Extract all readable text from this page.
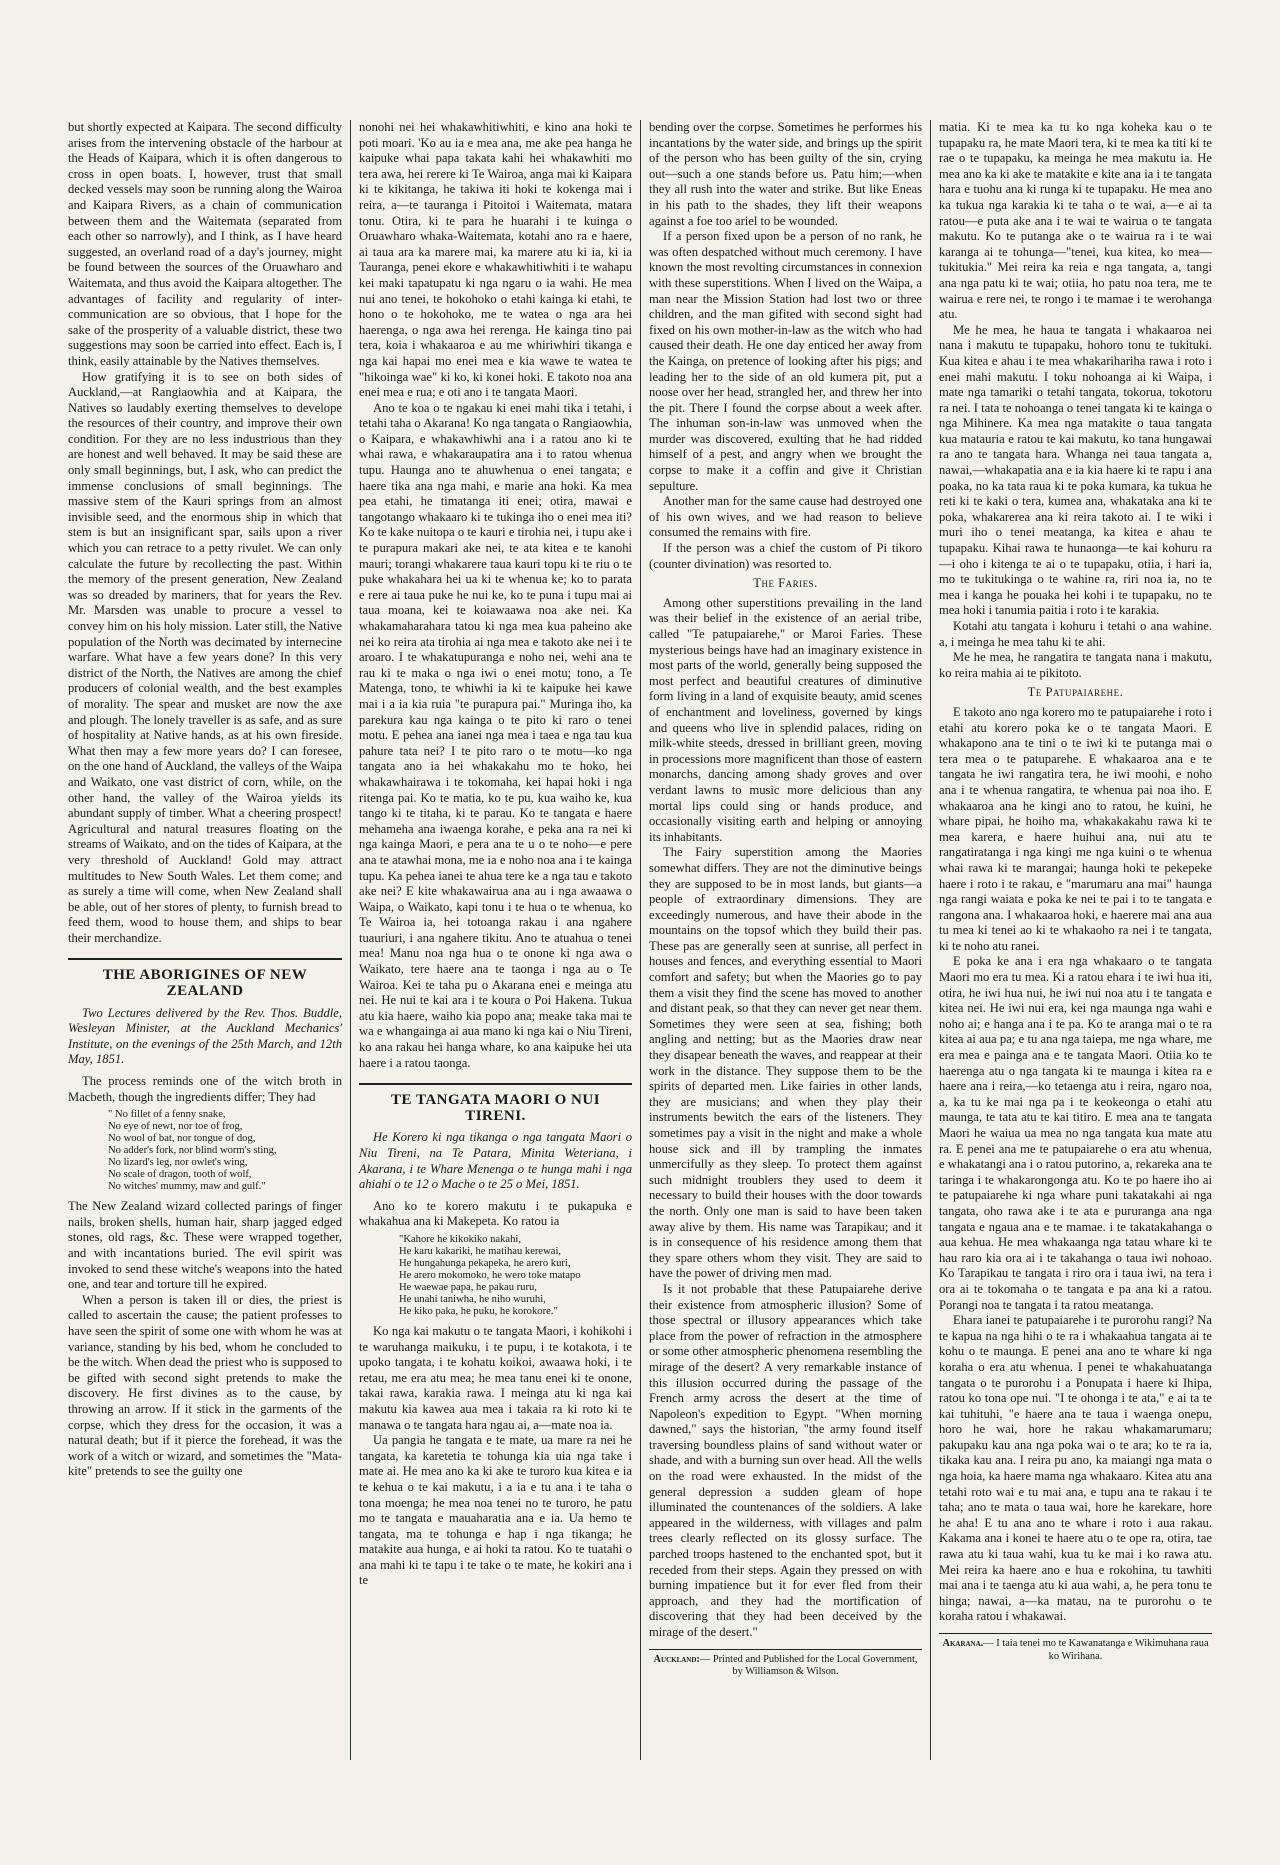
but shortly expected at Kaipara. The second difficulty arises from the intervening obstacle of the harbour at the Heads of Kaipara, which it is often dangerous to cross in open boats. I, however, trust that small decked vessels may soon be running along the Wairoa and Kaipara Rivers, as a chain of communication between them and the Waitemata (separated from each other so narrowly), and I think, as I have heard suggested, an overland road of a day's journey, might be found between the sources of the Oruawharo and Waitemata, and thus avoid the Kaipara altogether. The advantages of facility and regularity of inter-communication are so obvious, that I hope for the sake of the prosperity of a valuable district, these two suggestions may soon be carried into effect. Each is, I think, easily attainable by the Natives themselves.

How gratifying it is to see on both sides of Auckland,—at Rangiaowhia and at Kaipara, the Natives so laudably exerting themselves to develope the resources of their country, and improve their own condition. For they are no less industrious than they are honest and well behaved. It may be said these are only small beginnings, but, I ask, who can predict the immense conclusions of small beginnings. The massive stem of the Kauri springs from an almost invisible seed, and the enormous ship in which that stem is but an insignificant spar, sails upon a river which you can retrace to a petty rivulet. We can only calculate the future by recollecting the past. Within the memory of the present generation, New Zealand was so dreaded by mariners, that for years the Rev. Mr. Marsden was unable to procure a vessel to convey him on his holy mission. Later still, the Native population of the North was decimated by internecine warfare. What have a few years done? In this very district of the North, the Natives are among the chief producers of colonial wealth, and the best examples of morality. The spear and musket are now the axe and plough. The lonely traveller is as safe, and as sure of hospitality at Native hands, as at his own fireside. What then may a few more years do? I can foresee, on the one hand of Auckland, the valleys of the Waipa and Waikato, one vast district of corn, while, on the other hand, the valley of the Wairoa yields its abundant supply of timber. What a cheering prospect! Agricultural and natural treasures floating on the streams of Waikato, and on the tides of Kaipara, at the very threshold of Auckland! Gold may attract multitudes to New South Wales. Let them come; and as surely a time will come, when New Zealand shall be able, out of her stores of plenty, to furnish bread to feed them, wood to house them, and ships to bear their merchandize.

THE ABORIGINES OF NEW ZEALAND

Two Lectures delivered by the Rev. Thos. Buddle, Wesleyan Minister, at the Auckland Mechanics' Institute, on the evenings of the 25th March, and 12th May, 1851.

The process reminds one of the witch broth in Macbeth, though the ingredients differ; They had

" No fillet of a fenny snake,
No eye of newt, nor toe of frog,
No wool of bat, nor tongue of dog,
No adder's fork, nor blind worm's sting,
No lizard's leg, nor owlet's wing,
No scale of dragon, tooth of wolf,
No witches' mummy, maw and gulf."

The New Zealand wizard collected parings of finger nails, broken shells, human hair, sharp jagged edged stones, old rags, &c. These were wrapped together, and with incantations buried. The evil spirit was invoked to send these witche's weapons into the hated one, and tear and torture till he expired.

When a person is taken ill or dies, the priest is called to ascertain the cause; the patient professes to have seen the spirit of some one with whom he was at variance, standing by his bed, whom he concluded to be the witch. When dead the priest who is supposed to be gifted with second sight pretends to make the discovery. He first divines as to the cause, by throwing an arrow. If it stick in the garments of the corpse, which they dress for the occasion, it was a natural death; but if it pierce the forehead, it was the work of a witch or wizard, and sometimes the "Mata-kite" pretends to see the guilty one

nonohi nei hei whakawhitiwhiti, e kino ana hoki te poti moari. 'Ko au ia e mea ana, me ake pea hanga he kaipuke whai papa takata kahi hei whakawhiti mo tera awa, hei rerere ki Te Wairoa, anga mai ki Kaipara ki te kikitanga, he takiwa iti hoki te kokenga mai i reira, a—te tauranga i Pitoitoi i Waitemata, matara tonu. Otira, ki te para he huarahi i te kuinga o Oruawharo whaka-Waitemata, kotahi ano ra e haere, ai taua ara ka marere mai, ka marere atu ki ia, ki ia Tauranga, penei ekore e whakawhitiwhiti i te wahapu kei maki tapatupatu ki nga ngaru o ia wahi. He mea nui ano tenei, te hokohoko o etahi kainga ki etahi, te hono o te hokohoko, me te watea o nga ara hei haerenga, o nga awa hei rerenga. He kainga tino pai tera, koia i whakaaroa e au me whiriwhiri tikanga e nga kai hapai mo enei mea e kia wawe te watea te "hikoinga wae" ki ko, ki konei hoki. E takoto noa ana enei mea e rua; e oti ano i te tangata Maori.

Ano te koa o te ngakau ki enei mahi tika i tetahi, i tetahi taha o Akarana! Ko nga tangata o Rangiaowhia, o Kaipara, e whakawhiwhi ana i a ratou ano ki te whai rawa, e whakaraupatira ana i to ratou whenua tupu. Haunga ano te ahuwhenua o enei tangata; e haere tika ana nga mahi, e marie ana hoki. Ka mea pea etahi, he timatanga iti enei; otira, mawai e tangotango whakaaro ki te tukinga iho o enei mea iti? Ko te kake nuitopa o te kauri e tirohia nei, i tupu ake i te purapura makari ake nei, te ata kitea e te kanohi mauri; torangi whakarere taua kauri topu ki te riu o te puke whakahara hei ua ki te whenua ke; ko to parata e rere ai taua puke he nui ke, ko te puna i tupu mai ai taua moana, kei te koiawaawa noa ake nei. Ka whakamaharahara tatou ki nga mea kua paheino ake nei ko reira ata tirohia ai nga mea e takoto ake nei i te aroaro. I te whakatupuranga e noho nei, wehi ana te rau ki te maka o nga iwi o enei motu; tono, a Te Matenga, tono, te whiwhi ia ki te kaipuke hei kawe mai i a ia kia ruia "te purapura pai." Muringa iho, ka parekura kau nga kainga o te pito ki raro o tenei motu. E pehea ana ianei nga mea i taea e nga tau kua pahure tata nei? I te pito raro o te motu—ko nga tangata ano ia hei whakakahu mo te hoko, hei whakawhairawa i te tokomaha, kei hapai hoki i nga ritenga pai. Ko te matia, ko te pu, kua waiho ke, kua tango ki te titaha, ki te parau. Ko te tangata e haere mehameha ana iwaenga korahe, e peka ana ra nei ki nga kainga Maori, e pera ana te u o te noho—e pere ana te atawhai mona, me ia e noho noa ana i te kainga tupu. Ka pehea ianei te ahua tere ke a nga tau e takoto ake nei? E kite whakawairua ana au i nga awaawa o Waipa, o Waikato, kapi tonu i te hua o te whenua, ko Te Wairoa ia, hei totoanga rakau i ana ngahere tuauriuri, i ana ngahere tikitu. Ano te atuahua o tenei mea! Manu noa nga hua o te onone ki nga awa o Waikato, tere haere ana te taonga i nga au o Te Wairoa. Kei te taha pu o Akarana enei e meinga atu nei. He nui te kai ara i te koura o Poi Hakena. Tukua atu kia haere, waiho kia popo ana; meake taka mai te wa e whangainga ai aua mano ki nga kai o Niu Tireni, ko ana rakau hei hanga whare, ko ana kaipuke hei uta haere i a ratou taonga.

TE TANGATA MAORI O NUI TIRENI.

He Korero ki nga tikanga o nga tangata Maori o Niu Tireni, na Te Patara, Minita Weteriana, i Akarana, i te Whare Menenga o te hunga mahi i nga ahiahi o te 12 o Mache o te 25 o Mei, 1851.

Ano ko te korero makutu i te pukapuka e whakahua ana ki Makepeta. Ko ratou ia

"Kahore he kikokiko nakahi,
He karu kakariki, he matihau kerewai,
He hungahunga pekapeka, he arero kuri,
He arero mokomoko, he wero toke matapo
He waewae papa, he pakau ruru,
He unahi taniwha, he niho wuruhi,
He kiko paka, he puku, he korokore."

Ko nga kai makutu o te tangata Maori, i kohikohi i te waruhanga maikuku, i te pupu, i te kotakota, i te upoko tangata, i te kohatu koikoi, awaawa hoki, i te retau, me era atu mea; he mea tanu enei ki te onone, takai rawa, karakia rawa. I meinga atu ki nga kai makutu kia kawea aua mea i takaia ra ki roto ki te manawa o te tangata hara ngau ai, a—mate noa ia.

Ua pangia he tangata e te mate, ua mare ra nei he tangata, ka karetetia te tohunga kia uia nga take i mate ai. He mea ano ka ki ake te turoro kua kitea e ia te kehua o te kai makutu, i a ia e tu ana i te taha o tona moenga; he mea noa tenei no te turoro, he patu mo te tangata e mauaharatia ana e ia. Ua hemo te tangata, ma te tohunga e hap i nga tikanga; he matakite aua hunga, e ai hoki ta ratou. Ko te tuatahi o ana mahi ki te tapu i te take o te mate, he kokiri ana i te

bending over the corpse. Sometimes he performes his incantations by the water side, and brings up the spirit of the person who has been guilty of the sin, crying out—such a one stands before us. Patu him;—when they all rush into the water and strike. But like Eneas in his path to the shades, they lift their weapons against a foe too ariel to be wounded.

If a person fixed upon be a person of no rank, he was often despatched without much ceremony. I have known the most revolting circumstances in connexion with these superstitions. When I lived on the Waipa, a man near the Mission Station had lost two or three children, and the man gifited with second sight had fixed on his own mother-in-law as the witch who had caused their death. He one day enticed her away from the Kainga, on pretence of looking after his pigs; and leading her to the side of an old kumera pit, put a noose over her head, strangled her, and threw her into the pit. There I found the corpse about a week after. The inhuman son-in-law was unmoved when the murder was discovered, exulting that he had ridded himself of a pest, and angry when we brought the corpse to make it a coffin and give it Christian sepulture.

Another man for the same cause had destroyed one of his own wives, and we had reason to believe consumed the remains with fire.

If the person was a chief the custom of Pi tikoro (counter divination) was resorted to.

The Faries.

Among other superstitions prevailing in the land was their belief in the existence of an aerial tribe, called "Te patupaiarehe," or Maroi Faries. These mysterious beings have had an imaginary existence in most parts of the world, generally being supposed the most perfect and beautiful creatures of diminutive form living in a land of exquisite beauty, amid scenes of enchantment and loveliness, governed by kings and queens who live in splendid palaces, riding on milk-white steeds, dressed in brilliant green, moving in processions more magnificent than those of eastern monarchs, dancing among shady groves and over verdant lawns to music more delicious than any mortal lips could sing or hands produce, and occasionally visiting earth and helping or annoying its inhabitants.

The Fairy superstition among the Maories somewhat differs. They are not the diminutive beings they are supposed to be in most lands, but giants—a people of extraordinary dimensions. They are exceedingly numerous, and have their abode in the mountains on the topsof which they build their pas. These pas are generally seen at sunrise, all perfect in houses and fences, and everything essential to Maori comfort and safety; but when the Maories go to pay them a visit they find the scene has moved to another and distant peak, so that they can never get near them. Sometimes they were seen at sea, fishing; both angling and netting; but as the Maories draw near they disapear beneath the waves, and reappear at their work in the distance. They suppose them to be the spirits of departed men. Like fairies in other lands, they are musicians; and when they play their instruments bewitch the ears of the listeners. They sometimes pay a visit in the night and make a whole house sick and ill by trampling the inmates unmercifully as they sleep. To protect them against such midnight troublers they used to deem it necessary to build their houses with the door towards the north. Only one man is said to have been taken away alive by them. His name was Tarapikau; and it is in consequence of his residence among them that they spare others whom they visit. They are said to have the power of driving men mad.

Is it not probable that these Patupaiarehe derive their existence from atmospheric illusion? Some of those spectral or illusory appearances which take place from the power of refraction in the atmosphere or some other atmospheric phenomena resembling the mirage of the desert? A very remarkable instance of this illusion occurred during the passage of the French army across the desert at the time of Napoleon's expedition to Egypt. "When morning dawned," says the historian, "the army found itself traversing boundless plains of sand without water or shade, and with a burning sun over head. All the wells on the road were exhausted. In the midst of the general depression a sudden gleam of hope illuminated the countenances of the soldiers. A lake appeared in the wilderness, with villages and palm trees clearly reflected on its glossy surface. The parched troops hastened to the enchanted spot, but it receded from their steps. Again they pressed on with burning impatience but it for ever fled from their approach, and they had the mortification of discovering that they had been deceived by the mirage of the desert."

Auckland:— Printed and Published for the Local Government, by Williamson & Wilson.

matia. Ki te mea ka tu ko nga koheka kau o te tupapaku ra, he mate Maori tera, ki te mea ka titi ki te rae o te tupapaku, ka meinga he mea makutu ia. He mea ano ka ki ake te matakite e kite ana ia i te tangata hara e tuohu ana ki runga ki te tupapaku. He mea ano ka tukua nga karakia ki te taha o te wai, a—e ai ta ratou—e puta ake ana i te wai te wairua o te tangata makutu. Ko te putanga ake o te wairua ra i te wai karanga ai te tohunga—"tenei, kua kitea, ko mea—tukitukia." Mei reira ka reia e nga tangata, a, tangi ana nga patu ki te wai; otiia, ho patu noa tera, me te wairua e rere nei, te rongo i te mamae i te werohanga atu.

Me he mea, he haua te tangata i whakaaroa nei nana i makutu te tupapaku, hohoro tonu te tukituki. Kua kitea e ahau i te mea whakarihariha rawa i roto i enei mahi makutu. I toku nohoanga ai ki Waipa, i mate nga tamariki o tetahi tangata, tokorua, tokotoru ra nei. I tata te nohoanga o tenei tangata ki te kainga o nga Mihinere. Ka mea nga matakite o taua tangata kua matauria e ratou te kai makutu, ko tana hungawai ra ano te tangata hara. Whanga nei taua tangata a, nawai,—whakapatia ana e ia kia haere ki te rapu i ana poaka, no ka tata raua ki te poka kumara, ka tukua he reti ki te kaki o tera, kumea ana, whakataka ana ki te poka, whakarerea ana ki reira takoto ai. I te wiki i muri iho o tenei meatanga, ka kitea e ahau te tupapaku. Kihai rawa te hunaonga—te kai kohuru ra—i oho i kitenga te ai o te tupapaku, otiia, i hari ia, mo te tukitukinga o te wahine ra, riri noa ia, no te mea i kanga he pouaka hei kohi i te tupapaku, no te mea hoki i tanumia paitia i roto i te karakia.

Kotahi atu tangata i kohuru i tetahi o ana wahine. a, i meinga he mea tahu ki te ahi.

Me he mea, he rangatira te tangata nana i makutu, ko reira mahia ai te pikitoto.

Te Patupaiarehe.

E takoto ano nga korero mo te patupaiarehe i roto i etahi atu korero poka ke o te tangata Maori. E whakapono ana te tini o te iwi ki te putanga mai o tera mea o te patuparehe. E whakaaroa ana e te tangata he iwi rangatira tera, he iwi moohi, e noho ana i te whenua rangatira, te whenua pai noa iho. E whakaaroa ana he kingi ano to ratou, he kuini, he whare pipai, he hoiho ma, whakakakahu rawa ki te mea karera, e haere huihui ana, nui atu te rangatiratanga i nga kingi me nga kuini o te whenua whai rawa ki te marangai; haunga hoki te pekepeke haere i roto i te rakau, e "marumaru ana mai" haunga nga rangi waiata e poka ke nei te pai i to te tangata e rangona ana. I whakaaroa hoki, e haerere mai ana aua tu mea ki tenei ao ki te whakaoho ra nei i te tangata, ki te noho atu ranei.

E poka ke ana i era nga whakaaro o te tangata Maori mo era tu mea. Ki a ratou ehara i te iwi hua iti, otira, he iwi hua nui, he iwi nui noa atu i te tangata e kitea nei. He iwi nui era, kei nga maunga nga wahi e noho ai; e hanga ana i te pa. Ko te aranga mai o te ra kitea ai aua pa; e tu ana nga taiepa, me nga whare, me era mea e painga ana e te tangata Maori. Otiia ko te haerenga atu o nga tangata ki te maunga i kitea ra e haere ana i reira,—ko tetaenga atu i reira, ngaro noa, a, ka tu ke mai nga pa i te keokeonga o etahi atu maunga, te tata atu te kai titiro. E mea ana te tangata Maori he waiua ua mea no nga tangata kua mate atu ra. E penei ana me te patupaiarehe o era atu whenua, e whakatangi ana i o ratou putorino, a, rekareka ana te taringa i te whakarongonga atu. Ko te po haere iho ai te patupaiarehe ki nga whare puni takatakahi ai nga tangata, oho rawa ake i te ata e pururanga ana nga tangata e ngaua ana e te mamae. i te takatakahanga o aua kehua. He mea whakaanga nga tatau whare ki te hau raro kia ora ai i te takahanga o taua iwi nohoao. Ko Tarapikau te tangata i riro ora i taua iwi, na tera i ora ai te tokomaha o te tangata e pa ana ki a ratou. Porangi noa te tangata i ta ratou meatanga.

Ehara ianei te patupaiarehe i te purorohu rangi? Na te kapua na nga hihi o te ra i whakaahua tangata ai te kohu o te maunga. E penei ana ano te whare ki nga koraha o era atu whenua. I penei te whakahuatanga tangata o te purorohu i a Ponupata i haere ki Ihipa, ratou ko tona ope nui. "I te ohonga i te ata," e ai ta te kai tuhituhi, "e haere ana te taua i waenga onepu, horo he wai, hore he rakau whakamarumaru; pakupaku kau ana nga poka wai o te ara; ko te ra ia, tikaka kau ana. I reira pu ano, ka maiangi nga mata o nga hoia, ka haere mama nga whakaaro. Kitea atu ana tetahi roto wai e tu mai ana, e tupu ana te rakau i te taha; ano te mata o taua wai, hore he karekare, hore he aha! E tu ana ano te whare i roto i aua rakau. Kakama ana i konei te haere atu o te ope ra, otira, tae rawa atu ki taua wahi, kua tu ke mai i ko rawa atu. Mei reira ka haere ano e hua e rokohina, tu tawhiti mai ana i te taenga atu ki aua wahi, a, he pera tonu te hinga; nawai, a—ka matau, na te purorohu o te koraha ratou i whakawai.

Akarana.— I taia tenei mo te Kawanatanga e Wikimuhana raua ko Wirihana.
